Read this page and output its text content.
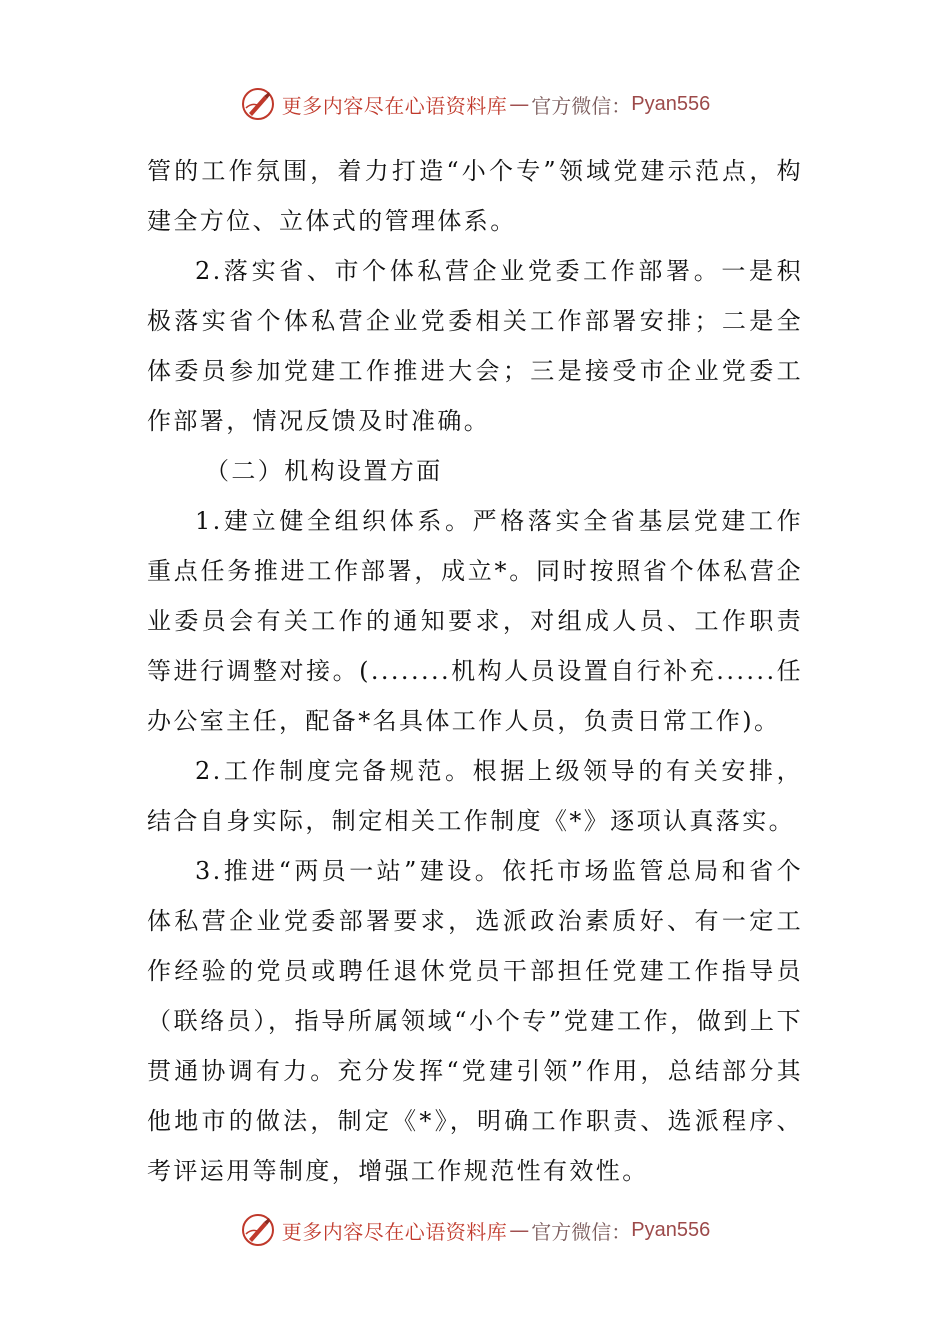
更多内容尽在心语资料库 — 官方微信： Pyan556

管的工作氛围，着力打造“小个专”领域党建示范点，构建全方位、立体式的管理体系。

2.落实省、市个体私营企业党委工作部署。一是积极落实省个体私营企业党委相关工作部署安排；二是全体委员参加党建工作推进大会；三是接受市企业党委工作部署，情况反馈及时准确。

（二）机构设置方面

1.建立健全组织体系。严格落实全省基层党建工作重点任务推进工作部署，成立*。同时按照省个体私营企业委员会有关工作的通知要求，对组成人员、工作职责等进行调整对接。(........机构人员设置自行补充......任办公室主任，配备*名具体工作人员，负责日常工作)。

2.工作制度完备规范。根据上级领导的有关安排，结合自身实际，制定相关工作制度《*》逐项认真落实。

3.推进“两员一站”建设。依托市场监管总局和省个体私营企业党委部署要求，选派政治素质好、有一定工作经验的党员或聘任退休党员干部担任党建工作指导员（联络员），指导所属领域“小个专”党建工作，做到上下贯通协调有力。充分发挥“党建引领”作用，总结部分其他地市的做法，制定《*》，明确工作职责、选派程序、考评运用等制度，增强工作规范性有效性。

更多内容尽在心语资料库 — 官方微信： Pyan556
